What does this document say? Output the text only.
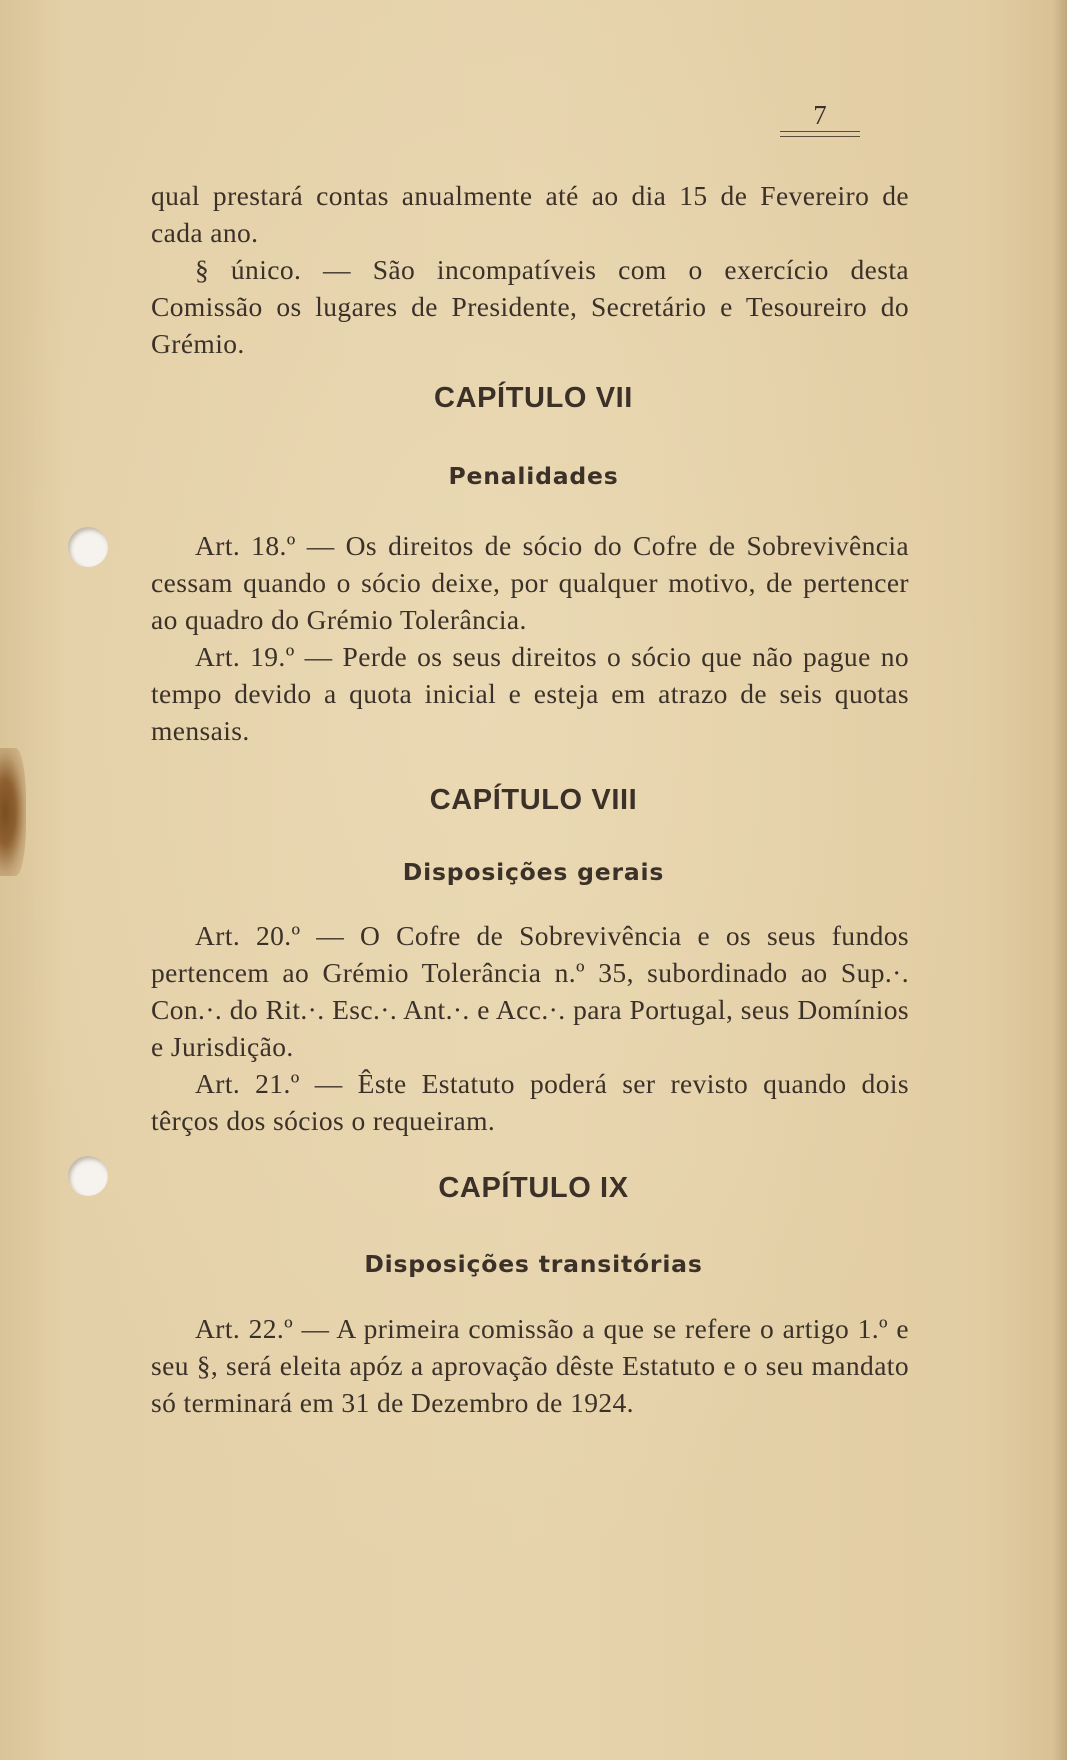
7

qual prestará contas anualmente até ao dia 15 de Fevereiro de cada ano.

§ único. — São incompatíveis com o exercício desta Comissão os lugares de Presidente, Secretário e Tesoureiro do Grémio.

CAPÍTULO VII
Penalidades

Art. 18.º — Os direitos de sócio do Cofre de Sobrevivência cessam quando o sócio deixe, por qualquer motivo, de pertencer ao quadro do Grémio Tolerância.

Art. 19.º — Perde os seus direitos o sócio que não pague no tempo devido a quota inicial e esteja em atrazo de seis quotas mensais.

CAPÍTULO VIII
Disposições gerais

Art. 20.º — O Cofre de Sobrevivência e os seus fundos pertencem ao Grémio Tolerância n.º 35, subordinado ao Sup.·. Con.·. do Rit.·. Esc.·. Ant.·. e Acc.·. para Portugal, seus Domínios e Jurisdição.

Art. 21.º — Êste Estatuto poderá ser revisto quando dois têrços dos sócios o requeiram.

CAPÍTULO IX
Disposições transitórias

Art. 22.º — A primeira comissão a que se refere o artigo 1.º e seu §, será eleita apóz a aprovação dêste Estatuto e o seu mandato só terminará em 31 de Dezembro de 1924.
